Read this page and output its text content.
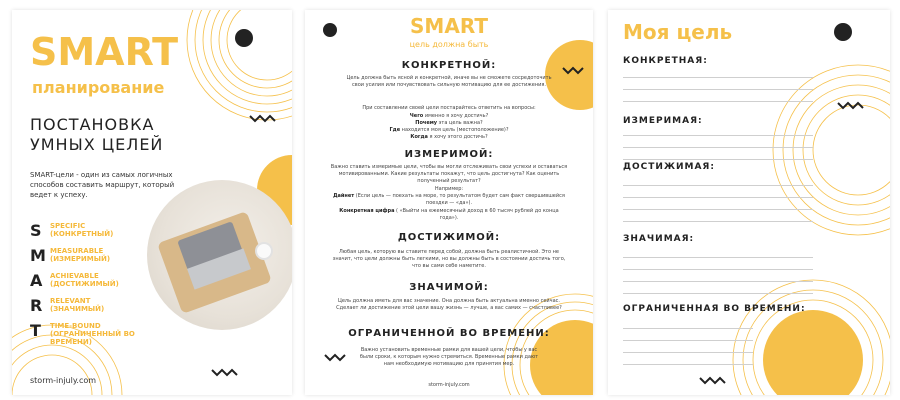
SMART
планирование
ПОСТАНОВКА
УМНЫХ ЦЕЛЕЙ
SMART-цели - один из самых логичных способов составить маршрут, который ведет к успеху.
S	SPECIFIC
(КОНКРЕТНЫЙ)
M MEASURABLE
(ИЗМЕРИМЫЙ)
A	ACHIEVABLE
(ДОСТИЖИМЫЙ)
R	RELEVANT
(ЗНАЧИМЫЙ)
T	TIME-BOUND
(ОГРАНИЧЕННЫЙ ВО ВРЕМЕНИ)
storm-injuly.com
SMART
цель должна быть
КОНКРЕТНОЙ:
Цель должна быть ясной и конкретной, иначе вы не сможете сосредоточить свои усилия или почувствовать сильную мотивацию для ее достижения.
При составлении своей цели постарайтесь ответить на вопросы:
Чего именно я хочу достичь?
Почему эта цель важна?
Где находится моя цель (местоположение)?
Когда я хочу этого достичь?
ИЗМЕРИМОЙ:
Важно ставить измеримые цели, чтобы вы могли отслеживать свои успехи и оставаться мотивированными. Какие результаты покажут, что цель достигнута? Как оценить полученный результат?
Например:
Дайнет (Если цель — поехать на море, то результатом будет сам факт свершившейся поездки — «да»).
Конкретная цифра ( «Выйти на ежемесячный доход в 60 тысяч рублей до конца года»).
ДОСТИЖИМОЙ:
Любая цель, которую вы ставите перед собой, должна быть реалистичной. Это не значит, что цели должны быть легкими, но вы должны быть в состоянии достичь того, что вы сами себе наметите.
ЗНАЧИМОЙ:
Цель должна иметь для вас значение. Она должна быть актуальна именно сейчас. Сделает ли достижение этой цели вашу жизнь — лучше, а вас самих — счастливее?
ОГРАНИЧЕННОЙ ВО ВРЕМЕНИ:
Важно установить временные рамки для вашей цели, чтобы у вас были сроки, к которым нужно стремиться. Временные рамки дают нам необходимую мотивацию для принятия мер.
storm-injuly.com
Моя цель
КОНКРЕТНАЯ:
ИЗМЕРИМАЯ:
ДОСТИЖИМАЯ:
ЗНАЧИМАЯ:
ОГРАНИЧЕННАЯ ВО ВРЕМЕНИ:
